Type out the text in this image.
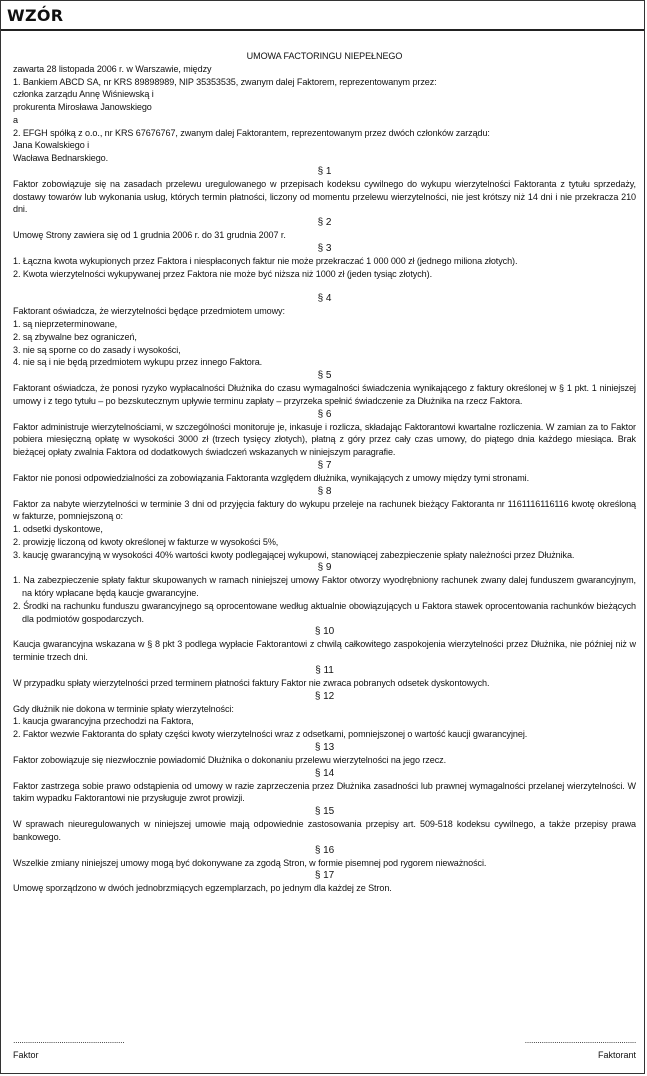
WZÓR
UMOWA FACTORINGU NIEPEŁNEGO
zawarta 28 listopada 2006 r. w Warszawie, między
1. Bankiem ABCD SA, nr KRS 89898989, NIP 35353535, zwanym dalej Faktorem, reprezentowanym przez:
członka zarządu Annę Wiśniewską i
prokurenta Mirosława Janowskiego
a
2. EFGH spółką z o.o., nr KRS 67676767, zwanym dalej Faktorantem, reprezentowanym przez dwóch członków zarządu:
Jana Kowalskiego i
Wacława Bednarskiego.
§ 1
Faktor zobowiązuje się na zasadach przelewu uregulowanego w przepisach kodeksu cywilnego do wykupu wierzytelności Faktoranta z tytułu sprzedaży, dostawy towarów lub wykonania usług, których termin płatności, liczony od momentu przelewu wierzytelności, nie jest krótszy niż 14 dni i nie przekracza 210 dni.
§ 2
Umowę Strony zawiera się od 1 grudnia 2006 r. do 31 grudnia 2007 r.
§ 3
1. Łączna kwota wykupionych przez Faktora i niespłaconych faktur nie może przekraczać 1 000 000 zł (jednego miliona złotych).
2. Kwota wierzytelności wykupywanej przez Faktora nie może być niższa niż 1000 zł (jeden tysiąc złotych).
§ 4
Faktorant oświadcza, że wierzytelności będące przedmiotem umowy:
1. są nieprzeterminowane,
2. są zbywalne bez ograniczeń,
3. nie są sporne co do zasady i wysokości,
4. nie są i nie będą przedmiotem wykupu przez innego Faktora.
§ 5
Faktorant oświadcza, że ponosi ryzyko wypłacalności Dłużnika do czasu wymagalności świadczenia wynikającego z faktury określonej w § 1 pkt. 1 niniejszej umowy i z tego tytułu – po bezskutecznym upływie terminu zapłaty – przyrzeka spełnić świadczenie za Dłużnika na rzecz Faktora.
§ 6
Faktor administruje wierzytelnościami, w szczególności monitoruje je, inkasuje i rozlicza, składając Faktorantowi kwartalne rozliczenia. W zamian za to Faktor pobiera miesięczną opłatę w wysokości 3000 zł (trzech tysięcy złotych), płatną z góry przez cały czas umowy, do piątego dnia każdego miesiąca. Brak bieżącej opłaty zwalnia Faktora od dodatkowych świadczeń wskazanych w niniejszym paragrafie.
§ 7
Faktor nie ponosi odpowiedzialności za zobowiązania Faktoranta względem dłużnika, wynikających z umowy między tymi stronami.
§ 8
Faktor za nabyte wierzytelności w terminie 3 dni od przyjęcia faktury do wykupu przeleje na rachunek bieżący Faktoranta nr 1161116116116 kwotę określoną w fakturze, pomniejszoną o:
1. odsetki dyskontowe,
2. prowizję liczoną od kwoty określonej w fakturze w wysokości 5%,
3. kaucję gwarancyjną w wysokości 40% wartości kwoty podlegającej wykupowi, stanowiącej zabezpieczenie spłaty należności przez Dłużnika.
§ 9
1. Na zabezpieczenie spłaty faktur skupowanych w ramach niniejszej umowy Faktor otworzy wyodrębniony rachunek zwany dalej funduszem gwarancyjnym, na który wpłacane będą kaucje gwarancyjne.
2. Środki na rachunku funduszu gwarancyjnego są oprocentowane według aktualnie obowiązujących u Faktora stawek oprocentowania rachunków bieżących dla podmiotów gospodarczych.
§ 10
Kaucja gwarancyjna wskazana w § 8 pkt 3 podlega wypłacie Faktorantowi z chwilą całkowitego zaspokojenia wierzytelności przez Dłużnika, nie później niż w terminie trzech dni.
§ 11
W przypadku spłaty wierzytelności przed terminem płatności faktury Faktor nie zwraca pobranych odsetek dyskontowych.
§ 12
Gdy dłużnik nie dokona w terminie spłaty wierzytelności:
1. kaucja gwarancyjna przechodzi na Faktora,
2. Faktor wezwie Faktoranta do spłaty części kwoty wierzytelności wraz z odsetkami, pomniejszonej o wartość kaucji gwarancyjnej.
§ 13
Faktor zobowiązuje się niezwłocznie powiadomić Dłużnika o dokonaniu przelewu wierzytelności na jego rzecz.
§ 14
Faktor zastrzega sobie prawo odstąpienia od umowy w razie zaprzeczenia przez Dłużnika zasadności lub prawnej wymagalności przelanej wierzytelności. W takim wypadku Faktorantowi nie przysługuje zwrot prowizji.
§ 15
W sprawach nieuregulowanych w niniejszej umowie mają odpowiednie zastosowania przepisy art. 509-518 kodeksu cywilnego, a także przepisy prawa bankowego.
§ 16
Wszelkie zmiany niniejszej umowy mogą być dokonywane za zgodą Stron, w formie pisemnej pod rygorem nieważności.
§ 17
Umowę sporządzono w dwóch jednobrzmiących egzemplarzach, po jednym dla każdej ze Stron.
.....................................................	.....................................................
Faktor	Faktorant
